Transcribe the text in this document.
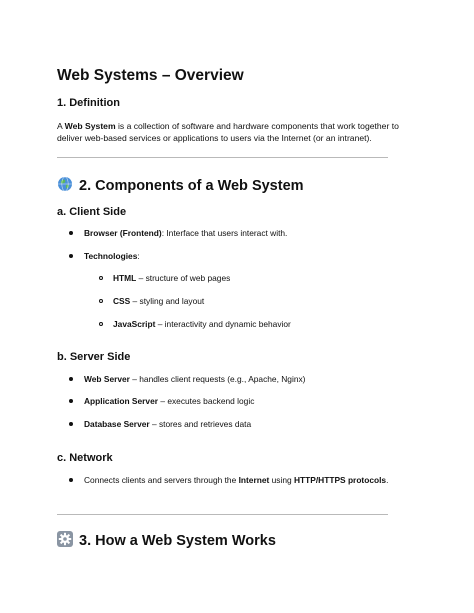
Web Systems – Overview
1. Definition
A Web System is a collection of software and hardware components that work together to deliver web-based services or applications to users via the Internet (or an intranet).
2. Components of a Web System
a. Client Side
Browser (Frontend): Interface that users interact with.
Technologies:
HTML – structure of web pages
CSS – styling and layout
JavaScript – interactivity and dynamic behavior
b. Server Side
Web Server – handles client requests (e.g., Apache, Nginx)
Application Server – executes backend logic
Database Server – stores and retrieves data
c. Network
Connects clients and servers through the Internet using HTTP/HTTPS protocols.
3. How a Web System Works
